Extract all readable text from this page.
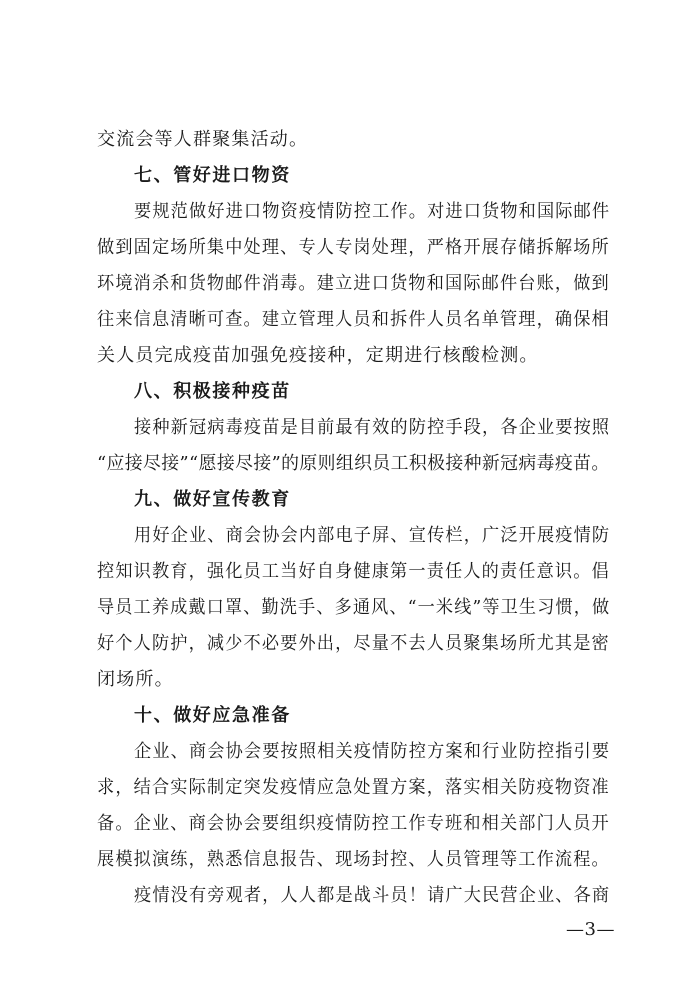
交流会等人群聚集活动。
七、管好进口物资
要规范做好进口物资疫情防控工作。对进口货物和国际邮件
做到固定场所集中处理、专人专岗处理，严格开展存储拆解场所
环境消杀和货物邮件消毒。建立进口货物和国际邮件台账，做到
往来信息清晰可查。建立管理人员和拆件人员名单管理，确保相
关人员完成疫苗加强免疫接种，定期进行核酸检测。
八、积极接种疫苗
接种新冠病毒疫苗是目前最有效的防控手段，各企业要按照
“应接尽接”“愿接尽接”的原则组织员工积极接种新冠病毒疫苗。
九、做好宣传教育
用好企业、商会协会内部电子屏、宣传栏，广泛开展疫情防
控知识教育，强化员工当好自身健康第一责任人的责任意识。倡
导员工养成戴口罩、勤洗手、多通风、“一米线”等卫生习惯，做
好个人防护，减少不必要外出，尽量不去人员聚集场所尤其是密
闭场所。
十、做好应急准备
企业、商会协会要按照相关疫情防控方案和行业防控指引要
求，结合实际制定突发疫情应急处置方案，落实相关防疫物资准
备。企业、商会协会要组织疫情防控工作专班和相关部门人员开
展模拟演练，熟悉信息报告、现场封控、人员管理等工作流程。
疫情没有旁观者，人人都是战斗员！请广大民营企业、各商
—3—
